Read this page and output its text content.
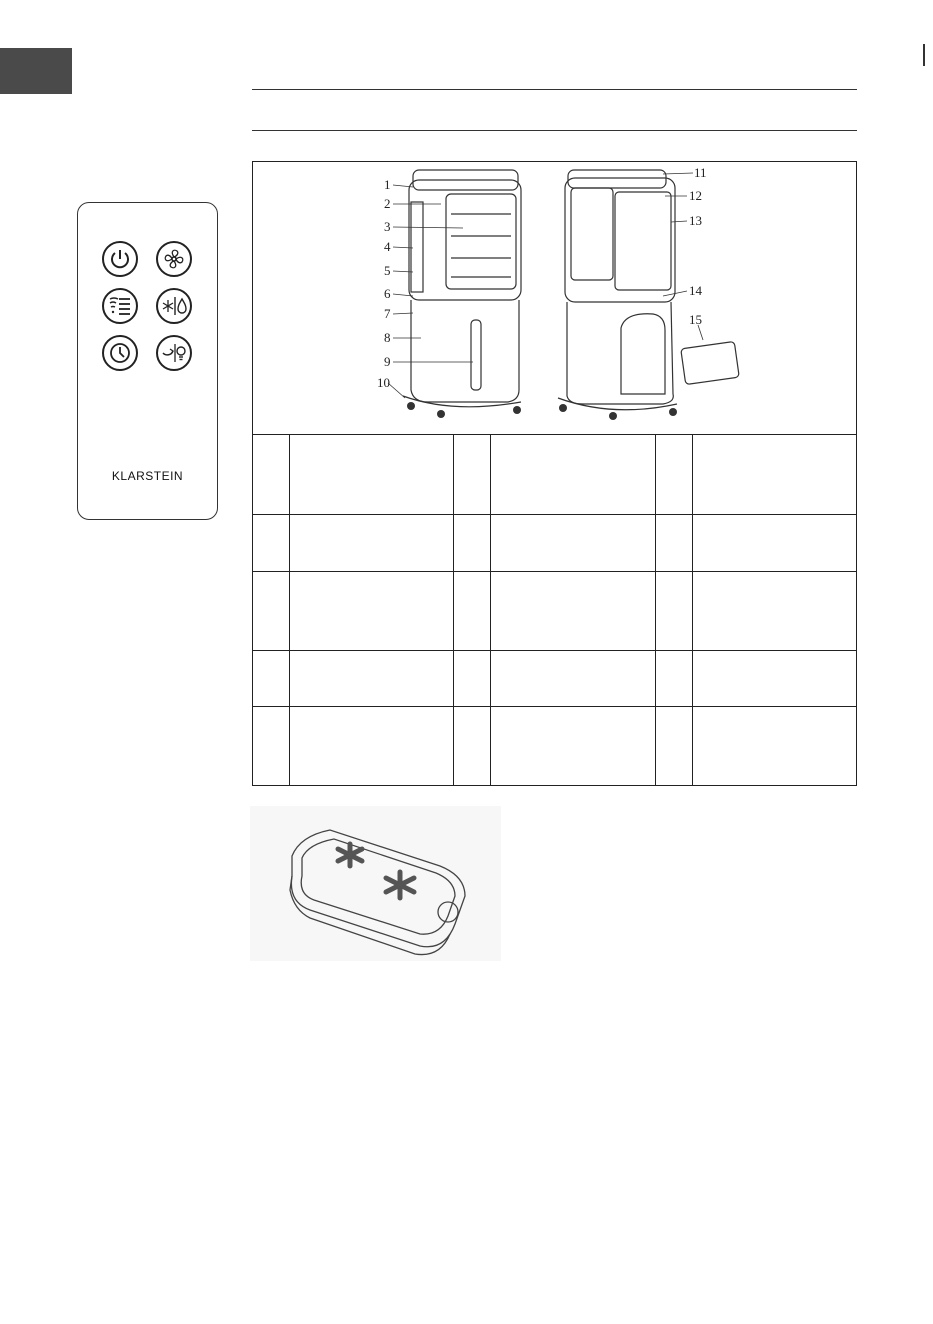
KLARSTEIN
1
2
3
4
5
6
7
8
9
10
11
12
13
14
15
